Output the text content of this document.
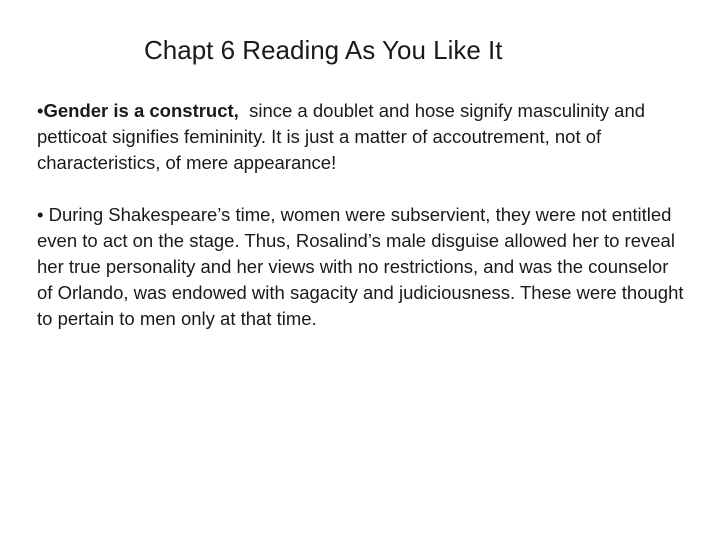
Chapt 6 Reading As You Like It

•Gender is a construct,  since a doublet and hose signify masculinity and petticoat signifies femininity. It is just a matter of accoutrement, not of characteristics, of mere appearance!

• During Shakespeare’s time, women were subservient, they were not entitled even to act on the stage. Thus, Rosalind’s male disguise allowed her to reveal her true personality and her views with no restrictions, and was the counselor of Orlando, was endowed with sagacity and judiciousness. These were thought to pertain to men only at that time.
